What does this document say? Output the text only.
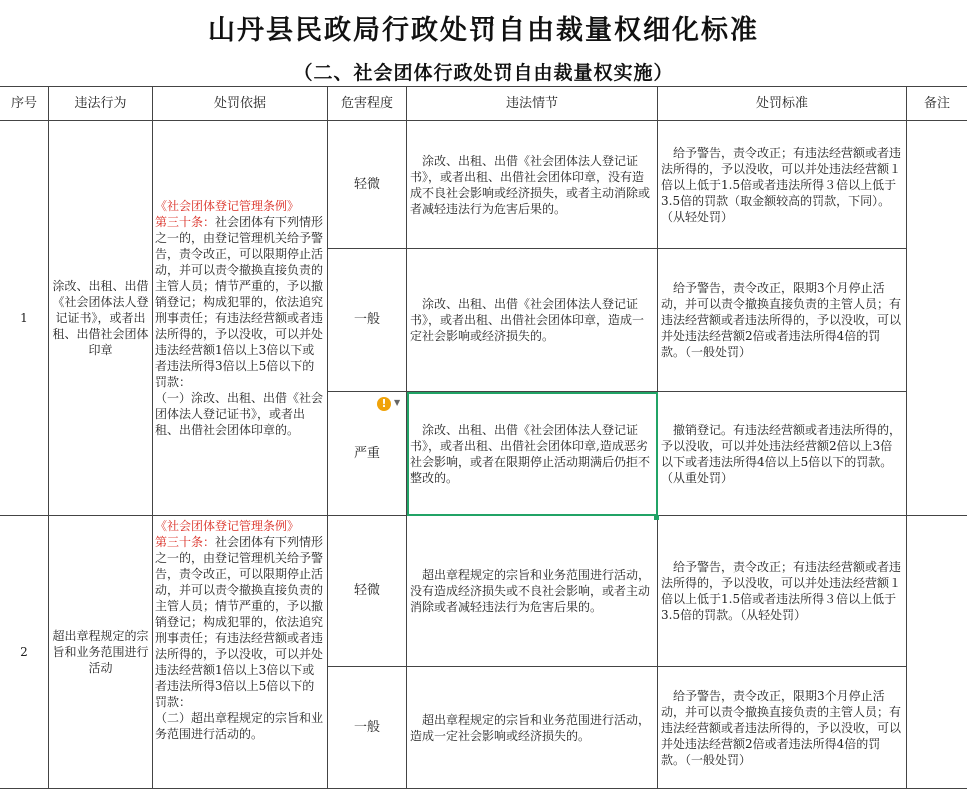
山丹县民政局行政处罚自由裁量权细化标准
（二、社会团体行政处罚自由裁量权实施）
序号	违法行为	处罚依据	危害程度	违法情节	处罚标准	备注
1	涂改、出租、出借《社会团体法人登记证书》，或者出租、出借社会团体印章	《社会团体登记管理条例》
第三十条：社会团体有下列情形之一的，由登记管理机关给予警告，责令改正，可以限期停止活动，并可以责令撤换直接负责的主管人员；情节严重的，予以撤销登记；构成犯罪的，依法追究刑事责任；有违法经营额或者违法所得的，予以没收，可以并处违法经营额1倍以上3倍以下或者违法所得3倍以上5倍以下的罚款：
（一）涂改、出租、出借《社会团体法人登记证书》，或者出租、出借社会团体印章的。	轻微	涂改、出租、出借《社会团体法人登记证书》，或者出租、出借社会团体印章，没有造成不良社会影响或经济损失，或者主动消除或者减轻违法行为危害后果的。	给予警告，责令改正；有违法经营额或者违法所得的，予以没收，可以并处违法经营额１倍以上低于1.5倍或者违法所得３倍以上低于3.5倍的罚款（取金额较高的罚款，下同）。（从轻处罚）	
			一般	涂改、出租、出借《社会团体法人登记证书》，或者出租、出借社会团体印章，造成一定社会影响或经济损失的。	给予警告，责令改正，限期3个月停止活动，并可以责令撤换直接负责的主管人员；有违法经营额或者违法所得的，予以没收，可以并处违法经营额2倍或者违法所得4倍的罚款。（一般处罚）	
			严重	涂改、出租、出借《社会团体法人登记证书》，或者出租、出借社会团体印章,造成恶劣社会影响，或者在限期停止活动期满后仍拒不整改的。	撤销登记。有违法经营额或者违法所得的，予以没收，可以并处违法经营额2倍以上3倍以下或者违法所得4倍以上5倍以下的罚款。（从重处罚）	
2	超出章程规定的宗旨和业务范围进行活动	《社会团体登记管理条例》
第三十条：社会团体有下列情形之一的，由登记管理机关给予警告，责令改正，可以限期停止活动，并可以责令撤换直接负责的主管人员；情节严重的，予以撤销登记；构成犯罪的，依法追究刑事责任；有违法经营额或者违法所得的，予以没收，可以并处违法经营额1倍以上3倍以下或者违法所得3倍以上5倍以下的罚款：
（二）超出章程规定的宗旨和业务范围进行活动的。	轻微	超出章程规定的宗旨和业务范围进行活动，没有造成经济损失或不良社会影响，或者主动消除或者减轻违法行为危害后果的。	给予警告，责令改正；有违法经营额或者违法所得的，予以没收，可以并处违法经营额１倍以上低于1.5倍或者违法所得３倍以上低于3.5倍的罚款。（从轻处罚）	
			一般	超出章程规定的宗旨和业务范围进行活动，造成一定社会影响或经济损失的。	给予警告，责令改正，限期3个月停止活动，并可以责令撤换直接负责的主管人员；有违法经营额或者违法所得的，予以没收，可以并处违法经营额2倍或者违法所得4倍的罚款。（一般处罚）	
! ▼
